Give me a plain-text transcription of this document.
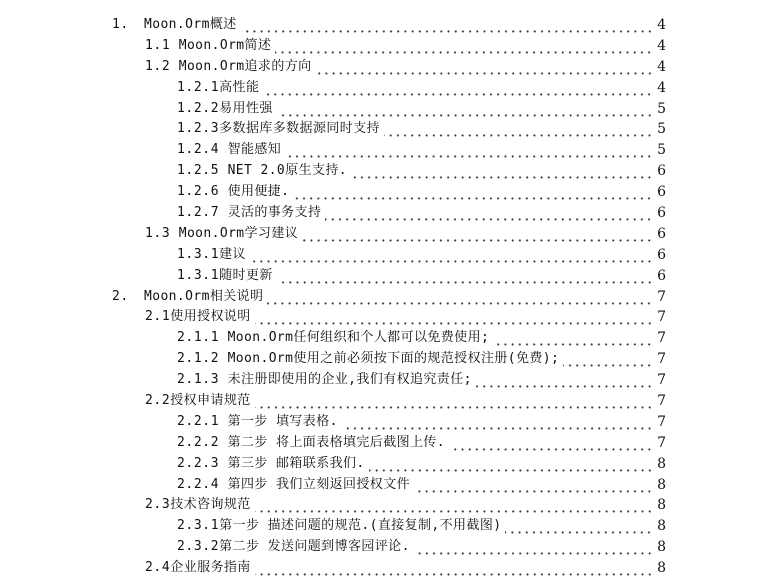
1.	Moon.Orm概述	4
1.1 Moon.Orm简述	4
1.2 Moon.Orm追求的方向	4
1.2.1 高性能	4
1.2.2 易用性强	5
1.2.3 多数据库多数据源同时支持	5
1.2.4 智能感知	5
1.2.5 NET 2.0原生支持.	6
1.2.6 使用便捷.	6
1.2.7 灵活的事务支持	6
1.3 Moon.Orm学习建议	6
1.3.1 建议	6
1.3.1 随时更新	6
2.	Moon.Orm相关说明	7
2.1 使用授权说明	7
2.1.1 Moon.Orm任何组织和个人都可以免费使用;	7
2.1.2 Moon.Orm使用之前必须按下面的规范授权注册(免费);	7
2.1.3 未注册即使用的企业,我们有权追究责任;	7
2.2 授权申请规范	7
2.2.1 第一步 填写表格.	7
2.2.2 第二步 将上面表格填完后截图上传.	7
2.2.3 第三步 邮箱联系我们.	8
2.2.4 第四步 我们立刻返回授权文件	8
2.3 技术咨询规范	8
2.3.1 第一步 描述问题的规范.(直接复制,不用截图)	8
2.3.2 第二步 发送问题到博客园评论.	8
2.4 企业服务指南	8
